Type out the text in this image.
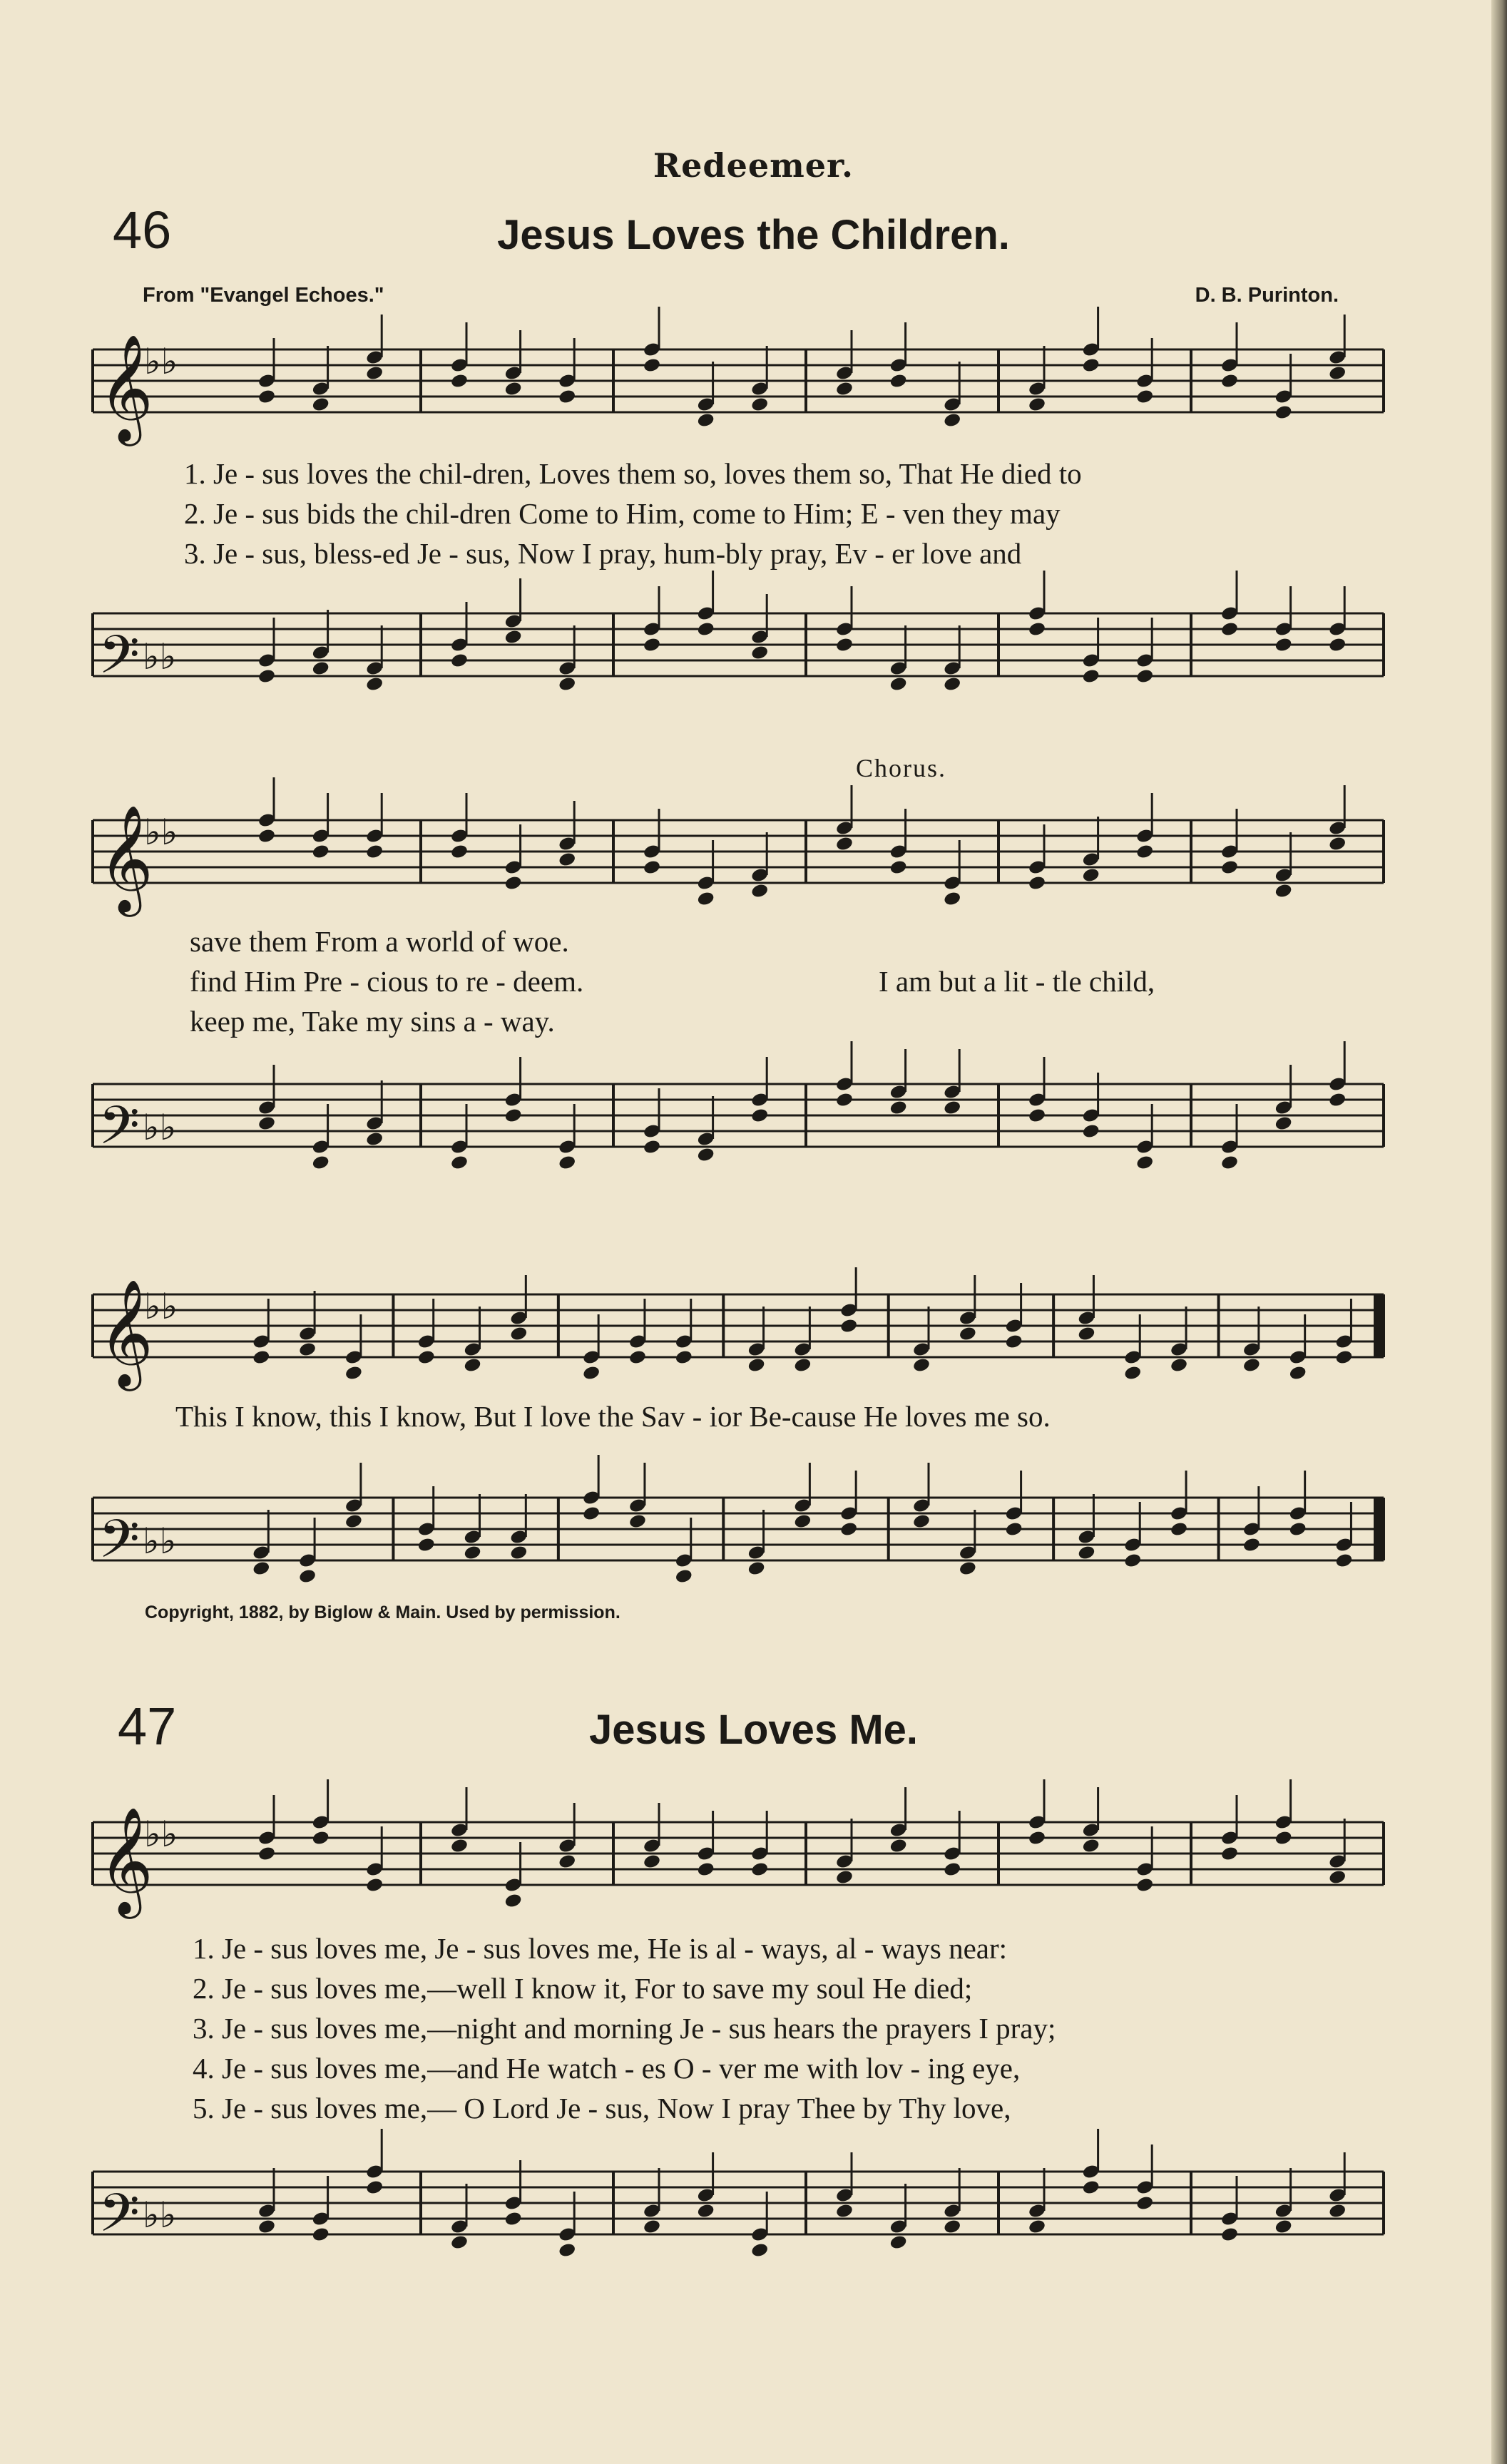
Redeemer.
46	Jesus Loves the Children.
From "Evangel Echoes."	D. B. Purinton.
𝄞
♭♭
1. Je - sus loves the chil-dren, Loves them so, loves them so, That He died to
2. Je - sus bids the chil-dren Come to Him, come to Him; E - ven they may
3. Je - sus, bless-ed Je - sus, Now I pray, hum-bly pray, Ev - er love and
𝄢 ♭♭
Chorus.
𝄞
♭♭
save them From a world of woe.
find Him Pre - cious to re - deem.
keep me, Take my sins a - way.
I am but a lit - tle child,
𝄢 ♭♭
𝄞
♭♭
This I know, this I know, But I love the Sav - ior Be-cause He loves me so.
𝄢 ♭♭
Copyright, 1882, by Biglow & Main. Used by permission.
47	Jesus Loves Me.
𝄞
♭♭
1. Je - sus loves me, Je - sus loves me, He is al - ways, al - ways near:
2. Je - sus loves me,—well I know it, For to save my soul He died;
3. Je - sus loves me,—night and morning Je - sus hears the prayers I pray;
4. Je - sus loves me,—and He watch - es O - ver me with lov - ing eye,
5. Je - sus loves me,— O Lord Je - sus, Now I pray Thee by Thy love,
𝄢 ♭♭
